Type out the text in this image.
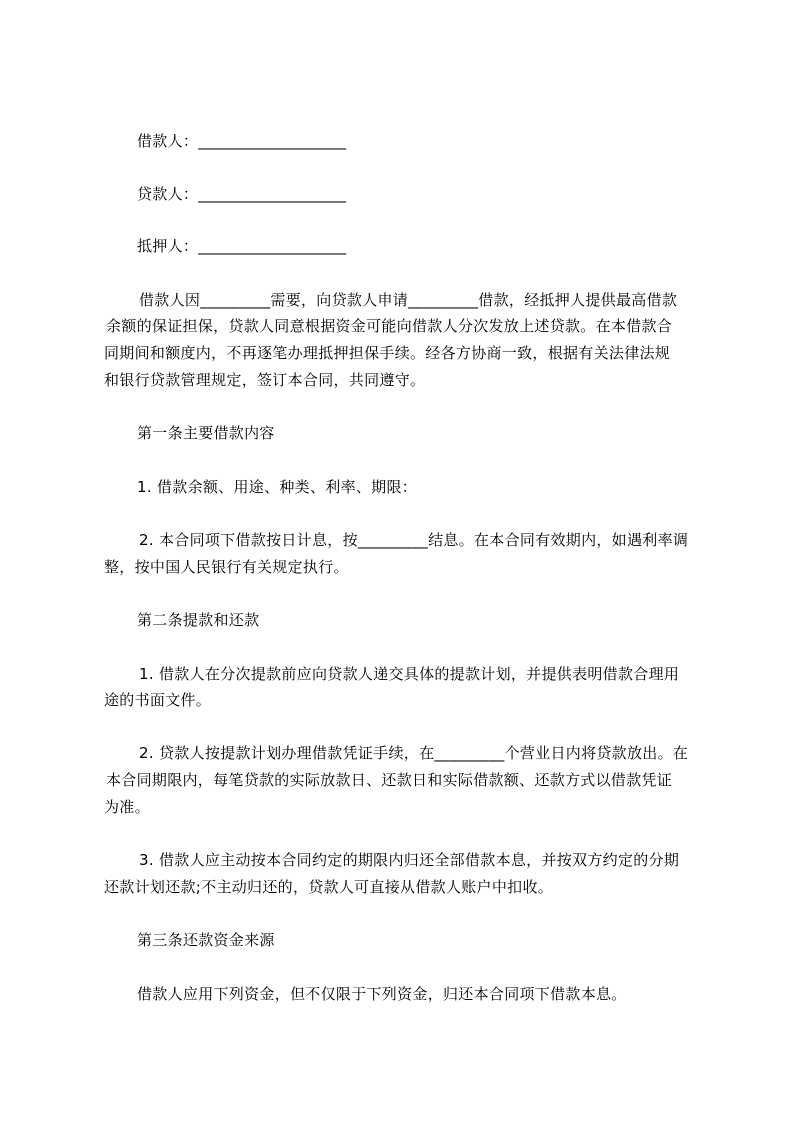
借款人：___________________
贷款人：___________________
抵押人：___________________
借款人因_________需要，向贷款人申请_________借款，经抵押人提供最高借款
余额的保证担保，贷款人同意根据资金可能向借款人分次发放上述贷款。在本借款合
同期间和额度内，不再逐笔办理抵押担保手续。经各方协商一致，根据有关法律法规
和银行贷款管理规定，签订本合同，共同遵守。
第一条主要借款内容
1. 借款余额、用途、种类、利率、期限：
2. 本合同项下借款按日计息，按_________结息。在本合同有效期内，如遇利率调
整，按中国人民银行有关规定执行。
第二条提款和还款
1. 借款人在分次提款前应向贷款人递交具体的提款计划，并提供表明借款合理用
途的书面文件。
2. 贷款人按提款计划办理借款凭证手续，在_________个营业日内将贷款放出。在
本合同期限内，每笔贷款的实际放款日、还款日和实际借款额、还款方式以借款凭证
为准。
3. 借款人应主动按本合同约定的期限内归还全部借款本息，并按双方约定的分期
还款计划还款;不主动归还的，贷款人可直接从借款人账户中扣收。
第三条还款资金来源
借款人应用下列资金，但不仅限于下列资金，归还本合同项下借款本息。
